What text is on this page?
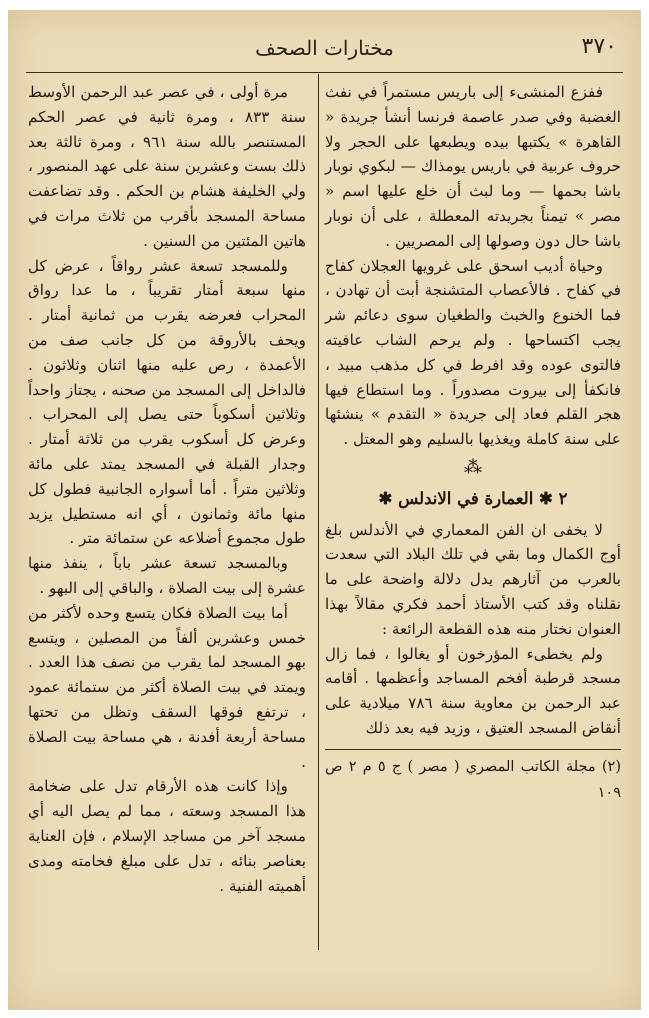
٣٧٠
مختارات الصحف

ففزع المنشىء إلى باريس مستمراً في نفث الغضبة وفي صدر عاصمة فرنسا أنشأ جريدة « القاهرة » يكتبها بيده ويطبعها على الحجر ولا حروف عربية في باريس يومذاك — لبكوي نوبار باشا بحمها — وما لبث أن خلع عليها اسم « مصر » تيمناً بجريدته المعطلة ، على أن نوبار باشا حال دون وصولها إلى المصريين .

وحياة أديب اسحق على غرويها العجلان كفاح في كفاح . فالأعصاب المتشنجة أبت أن تهادن ، فما الخنوع والخبث والطغيان سوى دعائم شر يجب اكتساحها . ولم يرحم الشاب عافيته فالتوى عوده وقد افرط في كل مذهب مبيد ، فانكفأ إلى بيروت مصدوراً . وما استطاع فيها هجر القلم فعاد إلى جريدة « التقدم » ينشئها على سنة كاملة ويغذيها بالسليم وهو المعتل .

⁂
٢ ✱ العمارة في الاندلس ✱

لا يخفى ان الفن المعماري في الأندلس بلغ أوج الكمال وما بقي في تلك البلاد التي سعدت بالعرب من آثارهم يدل دلالة واضحة على ما نقلناه وقد كتب الأستاذ أحمد فكري مقالاً بهذا العنوان نختار منه هذه القطعة الرائعة :

ولم يخطىء المؤرخون أو يغالوا ، فما زال مسجد قرطبة أفخم المساجد وأعظمها . أقامه عبد الرحمن بن معاوية سنة ٧٨٦ ميلادية على أنقاض المسجد العتيق ، وزيد فيه بعد ذلك

(٢) مجلة الكاتب المصري ( مصر ) ج ٥ م ٢ ص ١٠٩

مرة أولى ، في عصر عبد الرحمن الأوسط سنة ٨٣٣ ، ومرة ثانية في عصر الحكم المستنصر بالله سنة ٩٦١ ، ومرة ثالثة بعد ذلك بست وعشرين سنة على عهد المنصور ، ولي الخليفة هشام بن الحكم . وقد تضاعفت مساحة المسجد بأقرب من ثلاث مرات في هاتين المئتين من السنين .

وللمسجد تسعة عشر رواقاً ، عرض كل منها سبعة أمتار تقريباً ، ما عدا رواق المحراب فعرضه يقرب من ثمانية أمتار . ويحف بالأروقة من كل جانب صف من الأعمدة ، رص عليه منها اثنان وثلاثون . فالداخل إلى المسجد من صحنه ، يجتاز واحداً وثلاثين أسكوباً حتى يصل إلى المحراب . وعرض كل أسكوب يقرب من ثلاثة أمتار . وجدار القبلة في المسجد يمتد على مائة وثلاثين متراً . أما أسواره الجانبية فطول كل منها مائة وثمانون ، أي انه مستطيل يزيد طول مجموع أضلاعه عن ستمائة متر .

وبالمسجد تسعة عشر باباً ، ينفذ منها عشرة إلى بيت الصلاة ، والباقي إلى البهو .

أما بيت الصلاة فكان يتسع وحده لأكثر من خمس وعشرين ألفاً من المصلين ، ويتسع بهو المسجد لما يقرب من نصف هذا العدد . ويمتد في بيت الصلاة أكثر من ستمائة عمود ، ترتفع فوقها السقف وتظل من تحتها مساحة أربعة أفدنة ، هي مساحة بيت الصلاة .

وإذا كانت هذه الأرقام تدل على ضخامة هذا المسجد وسعته ، مما لم يصل اليه أي مسجد آخر من مساجد الإسلام ، فإن العناية بعناصر بنائه ، تدل على مبلغ فخامته ومدى أهميته الفنية .
